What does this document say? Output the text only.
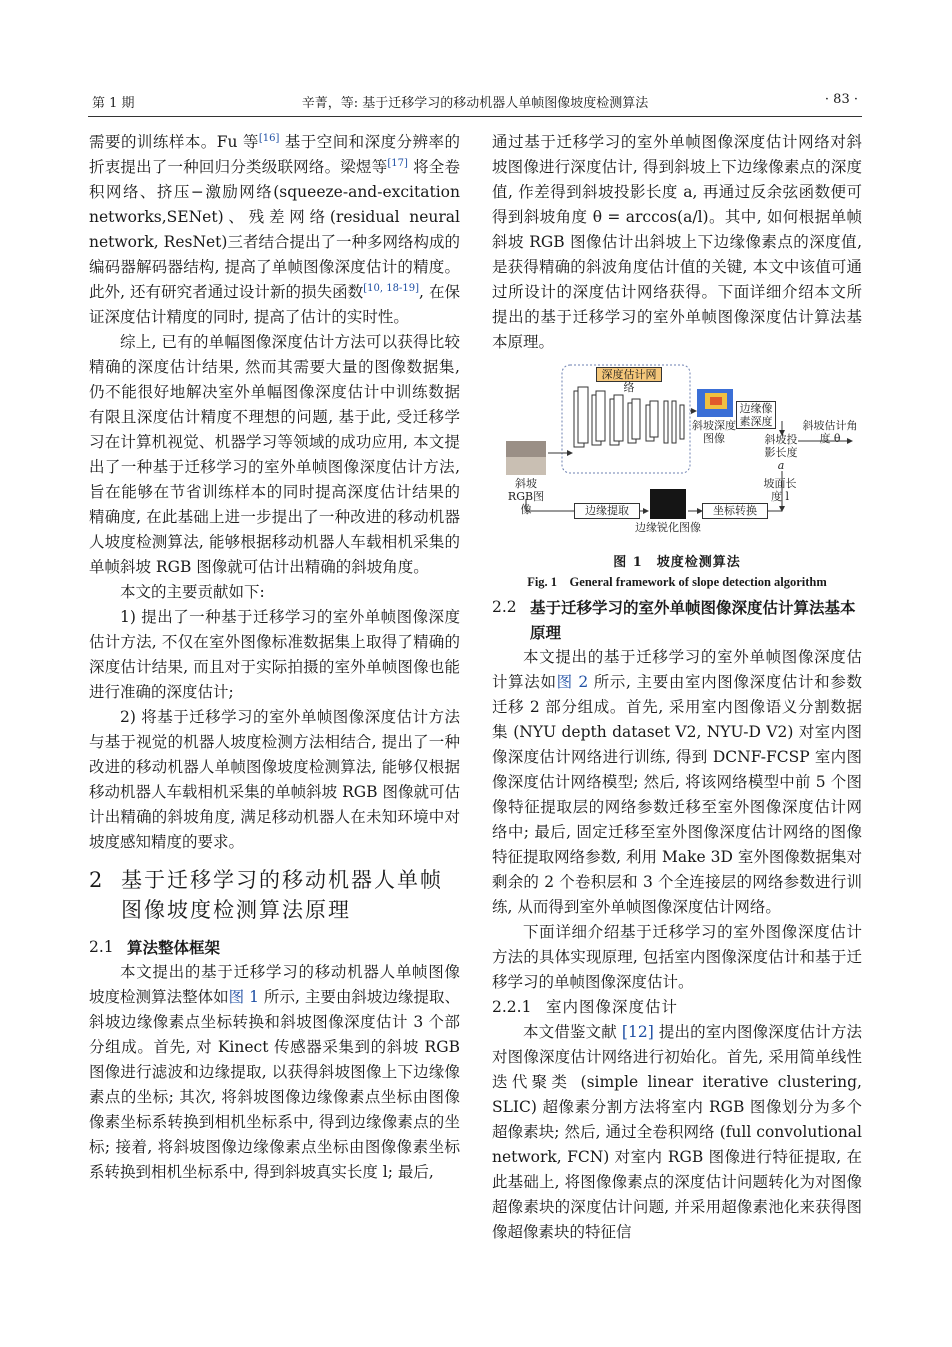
第 1 期	辛菁，等: 基于迁移学习的移动机器人单帧图像坡度检测算法	· 83 ·
需要的训练样本。Fu 等[16] 基于空间和深度分辨率的折衷提出了一种回归分类级联网络。梁煜等[17] 将全卷积网络、挤压−激励网络(squeeze-and-excitation networks,SENet)、残差网络(residual neural network, ResNet)三者结合提出了一种多网络构成的编码器解码器结构, 提高了单帧图像深度估计的精度。此外, 还有研究者通过设计新的损失函数[10, 18-19], 在保证深度估计精度的同时, 提高了估计的实时性。
综上, 已有的单幅图像深度估计方法可以获得比较精确的深度估计结果, 然而其需要大量的图像数据集, 仍不能很好地解决室外单幅图像深度估计中训练数据有限且深度估计精度不理想的问题, 基于此, 受迁移学习在计算机视觉、机器学习等领域的成功应用, 本文提出了一种基于迁移学习的室外单帧图像深度估计方法, 旨在能够在节省训练样本的同时提高深度估计结果的精确度, 在此基础上进一步提出了一种改进的移动机器人坡度检测算法, 能够根据移动机器人车载相机采集的单帧斜坡 RGB 图像就可估计出精确的斜坡角度。
本文的主要贡献如下:
1) 提出了一种基于迁移学习的室外单帧图像深度估计方法, 不仅在室外图像标准数据集上取得了精确的深度估计结果, 而且对于实际拍摄的室外单帧图像也能进行准确的深度估计;
2) 将基于迁移学习的室外单帧图像深度估计方法与基于视觉的机器人坡度检测方法相结合, 提出了一种改进的移动机器人单帧图像坡度检测算法, 能够仅根据移动机器人车载相机采集的单帧斜坡 RGB 图像就可估计出精确的斜坡角度, 满足移动机器人在未知环境中对坡度感知精度的要求。
2 基于迁移学习的移动机器人单帧图像坡度检测算法原理
2.1 算法整体框架
本文提出的基于迁移学习的移动机器人单帧图像坡度检测算法整体如图 1 所示, 主要由斜坡边缘提取、斜坡边缘像素点坐标转换和斜坡图像深度估计 3 个部分组成。首先, 对 Kinect 传感器采集到的斜坡 RGB 图像进行滤波和边缘提取, 以获得斜坡图像上下边缘像素点的坐标; 其次, 将斜坡图像边缘像素点坐标由图像像素坐标系转换到相机坐标系中, 得到边缘像素点的坐标; 接着, 将斜坡图像边缘像素点坐标由图像像素坐标系转换到相机坐标系中, 得到斜坡真实长度 l; 最后,
通过基于迁移学习的室外单帧图像深度估计网络对斜坡图像进行深度估计, 得到斜坡上下边缘像素点的深度值, 作差得到斜坡投影长度 a, 再通过反余弦函数便可得到斜坡角度 θ = arccos(a/l)。其中, 如何根据单帧斜坡 RGB 图像估计出斜坡上下边缘像素点的深度值, 是获得精确的斜波角度估计值的关键, 本文中该值可通过所设计的深度估计网络获得。下面详细介绍本文所提出的基于迁移学习的室外单帧图像深度估计算法基本原理。
深度估计网络
斜坡深度图像
边缘像素深度
斜坡投影长度
a
斜坡估计角度 θ
斜坡RGB图像	边缘提取
边缘锐化图像
坐标转换
坡面长度 l
图 1　坡度检测算法
Fig. 1　General framework of slope detection algorithm
2.2 基于迁移学习的室外单帧图像深度估计算法基本原理
本文提出的基于迁移学习的室外单帧图像深度估计算法如图 2 所示, 主要由室内图像深度估计和参数迁移 2 部分组成。首先, 采用室内图像语义分割数据集 (NYU depth dataset V2, NYU-D V2) 对室内图像深度估计网络进行训练, 得到 DCNF-FCSP 室内图像深度估计网络模型; 然后, 将该网络模型中前 5 个图像特征提取层的网络参数迁移至室外图像深度估计网络中; 最后, 固定迁移至室外图像深度估计网络的图像特征提取网络参数, 利用 Make 3D 室外图像数据集对剩余的 2 个卷积层和 3 个全连接层的网络参数进行训练, 从而得到室外单帧图像深度估计网络。
下面详细介绍基于迁移学习的室外图像深度估计方法的具体实现原理, 包括室内图像深度估计和基于迁移学习的单帧图像深度估计。
2.2.1 室内图像深度估计
本文借鉴文献 [12] 提出的室内图像深度估计方法对图像深度估计网络进行初始化。首先, 采用简单线性迭代聚类 (simple linear iterative clustering, SLIC) 超像素分割方法将室内 RGB 图像划分为多个超像素块; 然后, 通过全卷积网络 (full convolutional network, FCN) 对室内 RGB 图像进行特征提取, 在此基础上, 将图像像素点的深度估计问题转化为对图像超像素块的深度估计问题, 并采用超像素池化来获得图像超像素块的特征信
